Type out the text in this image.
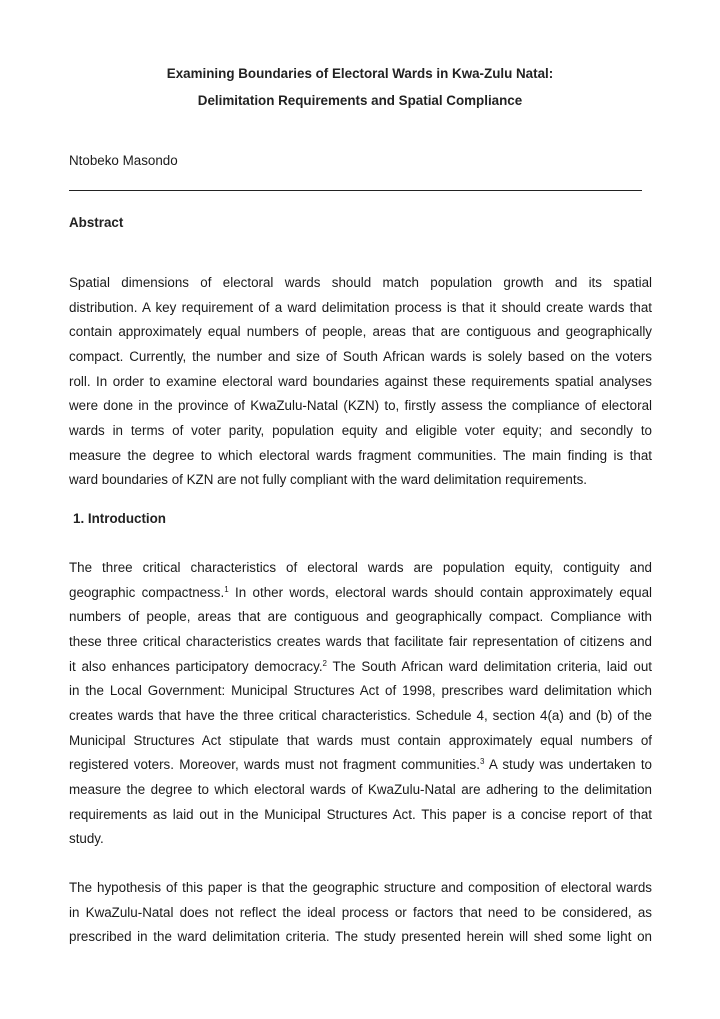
Examining Boundaries of Electoral Wards in Kwa-Zulu Natal:
Delimitation Requirements and Spatial Compliance
Ntobeko Masondo
Abstract
Spatial dimensions of electoral wards should match population growth and its spatial
distribution. A key requirement of a ward delimitation process is that it should create wards that
contain approximately equal numbers of people, areas that are contiguous and geographically
compact. Currently, the number and size of South African wards is solely based on the voters
roll. In order to examine electoral ward boundaries against these requirements spatial analyses
were done in the province of KwaZulu-Natal (KZN) to, firstly assess the compliance of electoral
wards in terms of voter parity, population equity and eligible voter equity; and secondly to
measure the degree to which electoral wards fragment communities. The main finding is that
ward boundaries of KZN are not fully compliant with the ward delimitation requirements.
1. Introduction
The three critical characteristics of electoral wards are population equity, contiguity and
geographic compactness.$^1$ In other words, electoral wards should contain approximately equal
numbers of people, areas that are contiguous and geographically compact. Compliance with
these three critical characteristics creates wards that facilitate fair representation of citizens and
it also enhances participatory democracy.$^2$ The South African ward delimitation criteria, laid out
in the Local Government: Municipal Structures Act of 1998, prescribes ward delimitation which
creates wards that have the three critical characteristics. Schedule 4, section 4(a) and (b) of the
Municipal Structures Act stipulate that wards must contain approximately equal numbers of
registered voters. Moreover, wards must not fragment communities.$^3$ A study was undertaken to
measure the degree to which electoral wards of KwaZulu-Natal are adhering to the delimitation
requirements as laid out in the Municipal Structures Act. This paper is a concise report of that
study.
The hypothesis of this paper is that the geographic structure and composition of electoral wards
in KwaZulu-Natal does not reflect the ideal process or factors that need to be considered, as
prescribed in the ward delimitation criteria. The study presented herein will shed some light on
